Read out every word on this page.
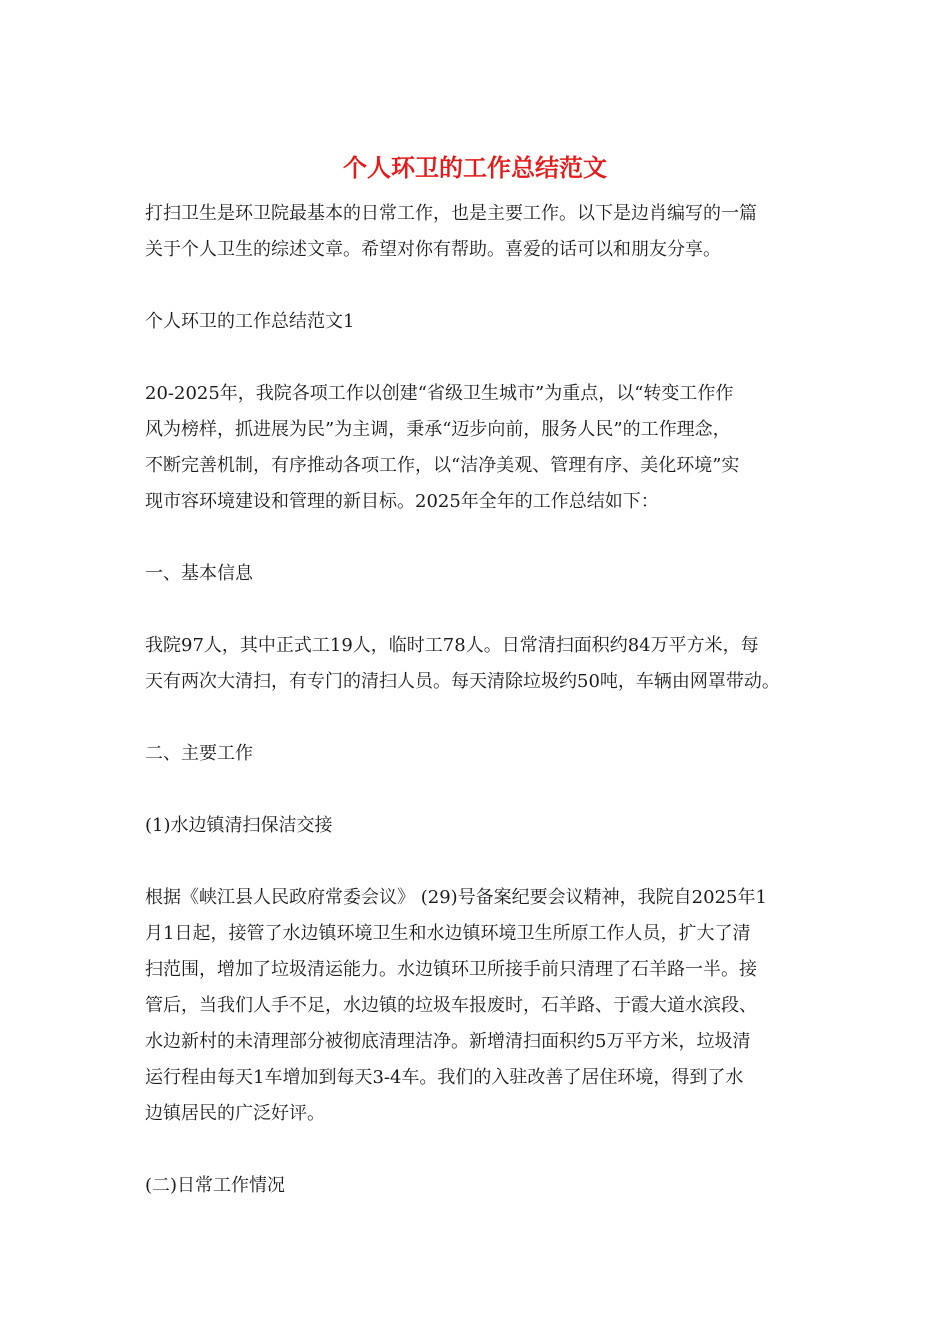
个人环卫的工作总结范文

打扫卫生是环卫院最基本的日常工作，也是主要工作。以下是边肖编写的一篇
关于个人卫生的综述文章。希望对你有帮助。喜爱的话可以和朋友分享。

个人环卫的工作总结范文1

20-2025年，我院各项工作以创建“省级卫生城市”为重点，以“转变工作作
风为榜样，抓进展为民”为主调，秉承“迈步向前，服务人民”的工作理念，
不断完善机制，有序推动各项工作，以“洁净美观、管理有序、美化环境”实
现市容环境建设和管理的新目标。2025年全年的工作总结如下：

一、基本信息

我院97人，其中正式工19人，临时工78人。日常清扫面积约84万平方米，每
天有两次大清扫，有专门的清扫人员。每天清除垃圾约50吨，车辆由网罩带动。

二、主要工作

(1)水边镇清扫保洁交接

根据《峡江县人民政府常委会议》 (29)号备案纪要会议精神，我院自2025年1
月1日起，接管了水边镇环境卫生和水边镇环境卫生所原工作人员，扩大了清
扫范围，增加了垃圾清运能力。水边镇环卫所接手前只清理了石羊路一半。接
管后，当我们人手不足，水边镇的垃圾车报废时，石羊路、于霞大道水滨段、
水边新村的未清理部分被彻底清理洁净。新增清扫面积约5万平方米，垃圾清
运行程由每天1车增加到每天3-4车。我们的入驻改善了居住环境，得到了水
边镇居民的广泛好评。

(二)日常工作情况
